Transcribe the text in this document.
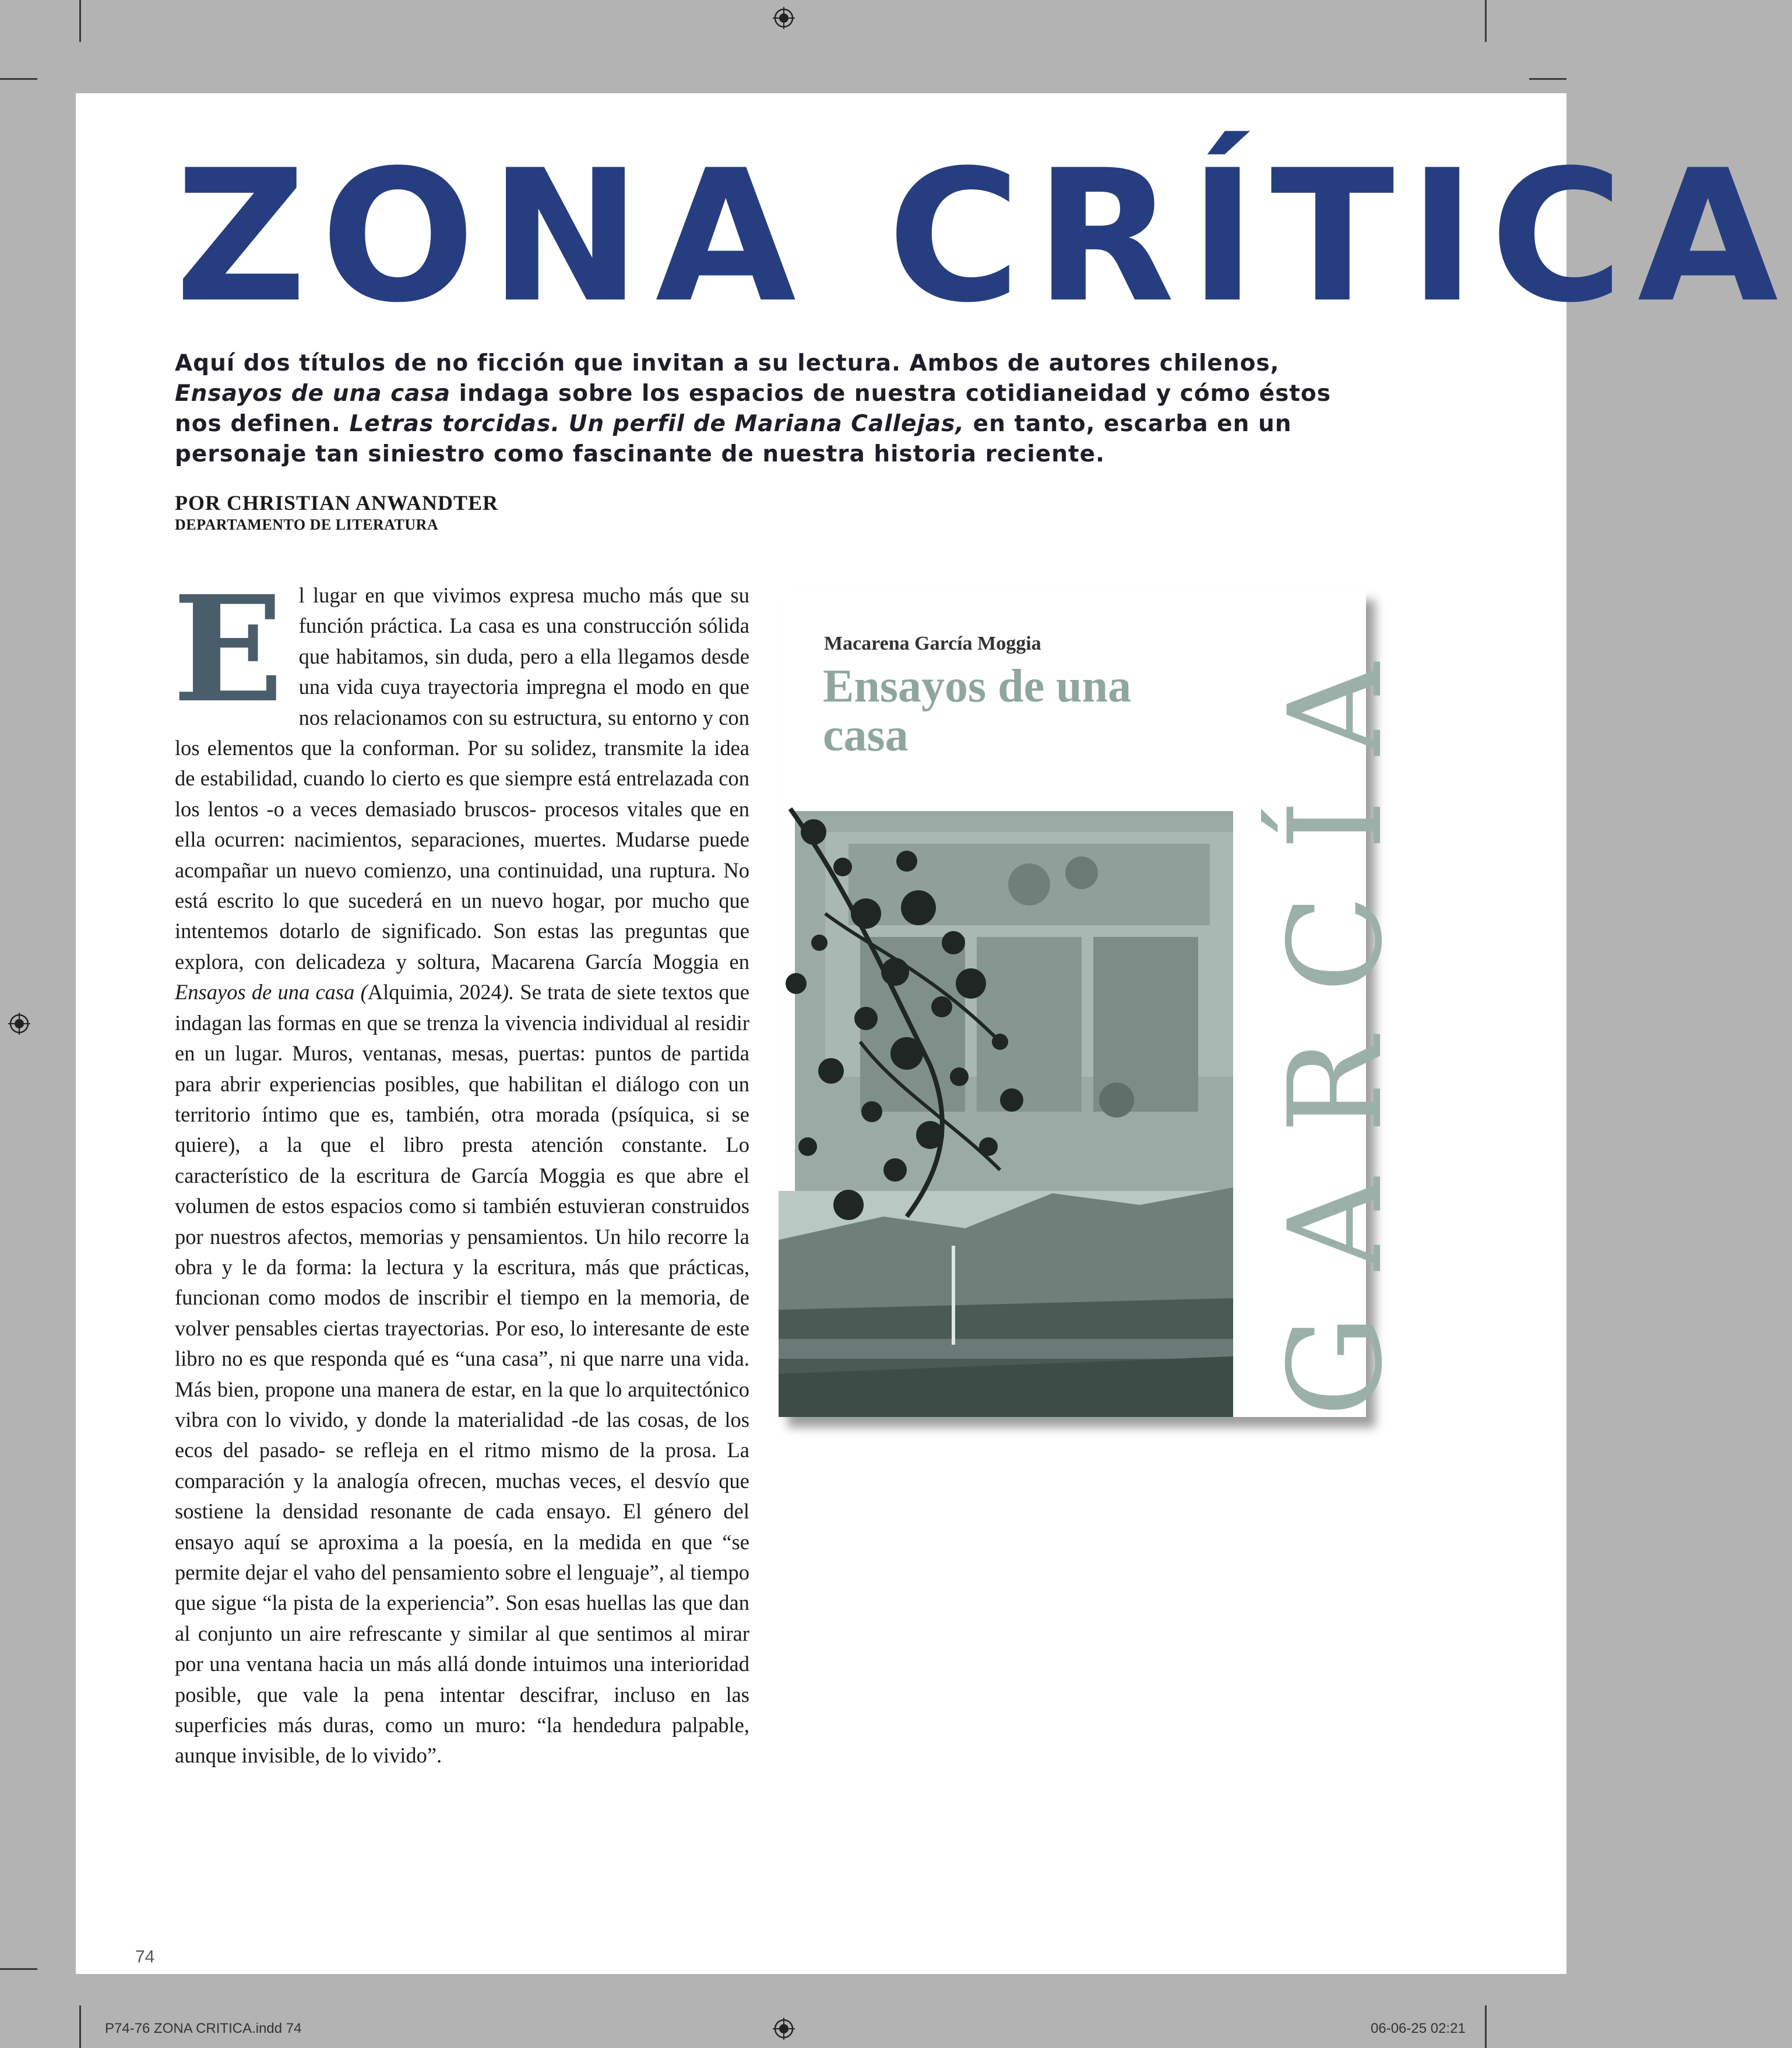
ZONA CRÍTICA

Aquí dos títulos de no ficción que invitan a su lectura. Ambos de autores chilenos, Ensayos de una casa indaga sobre los espacios de nuestra cotidianeidad y cómo éstos nos definen. Letras torcidas. Un perfil de Mariana Callejas, en tanto, escarba en un personaje tan siniestro como fascinante de nuestra historia reciente.

POR CHRISTIAN ANWANDTER
DEPARTAMENTO DE LITERATURA

El lugar en que vivimos expresa mucho más que su función práctica. La casa es una construcción sólida que habitamos, sin duda, pero a ella llegamos desde una vida cuya trayectoria impregna el modo en que nos relacionamos con su estructura, su entorno y con los elementos que la conforman. Por su solidez, transmite la idea de estabilidad, cuando lo cierto es que siempre está entrelazada con los lentos -o a veces demasiado bruscos- procesos vitales que en ella ocurren: nacimientos, separaciones, muertes. Mudarse puede acompañar un nuevo comienzo, una continuidad, una ruptura. No está escrito lo que sucederá en un nuevo hogar, por mucho que intentemos dotarlo de significado. Son estas las preguntas que explora, con delicadeza y soltura, Macarena García Moggia en Ensayos de una casa (Alquimia, 2024). Se trata de siete textos que indagan las formas en que se trenza la vivencia individual al residir en un lugar. Muros, ventanas, mesas, puertas: puntos de partida para abrir experiencias posibles, que habilitan el diálogo con un territorio íntimo que es, también, otra morada (psíquica, si se quiere), a la que el libro presta atención constante. Lo característico de la escritura de García Moggia es que abre el volumen de estos espacios como si también estuvieran construidos por nuestros afectos, memorias y pensamientos. Un hilo recorre la obra y le da forma: la lectura y la escritura, más que prácticas, funcionan como modos de inscribir el tiempo en la memoria, de volver pensables ciertas trayectorias. Por eso, lo interesante de este libro no es que responda qué es “una casa”, ni que narre una vida. Más bien, propone una manera de estar, en la que lo arquitectónico vibra con lo vivido, y donde la materialidad -de las cosas, de los ecos del pasado- se refleja en el ritmo mismo de la prosa. La comparación y la analogía ofrecen, muchas veces, el desvío que sostiene la densidad resonante de cada ensayo. El género del ensayo aquí se aproxima a la poesía, en la medida en que “se permite dejar el vaho del pensamiento sobre el lenguaje”, al tiempo que sigue “la pista de la experiencia”. Son esas huellas las que dan al conjunto un aire refrescante y similar al que sentimos al mirar por una ventana hacia un más allá donde intuimos una interioridad posible, que vale la pena intentar descifrar, incluso en las superficies más duras, como un muro: “la hendedura palpable, aunque invisible, de lo vivido”.

GARCÍA
Macarena García Moggia

Ensayos de una casa

74
P74-76 ZONA CRITICA.indd 74	06-06-25 02:21
